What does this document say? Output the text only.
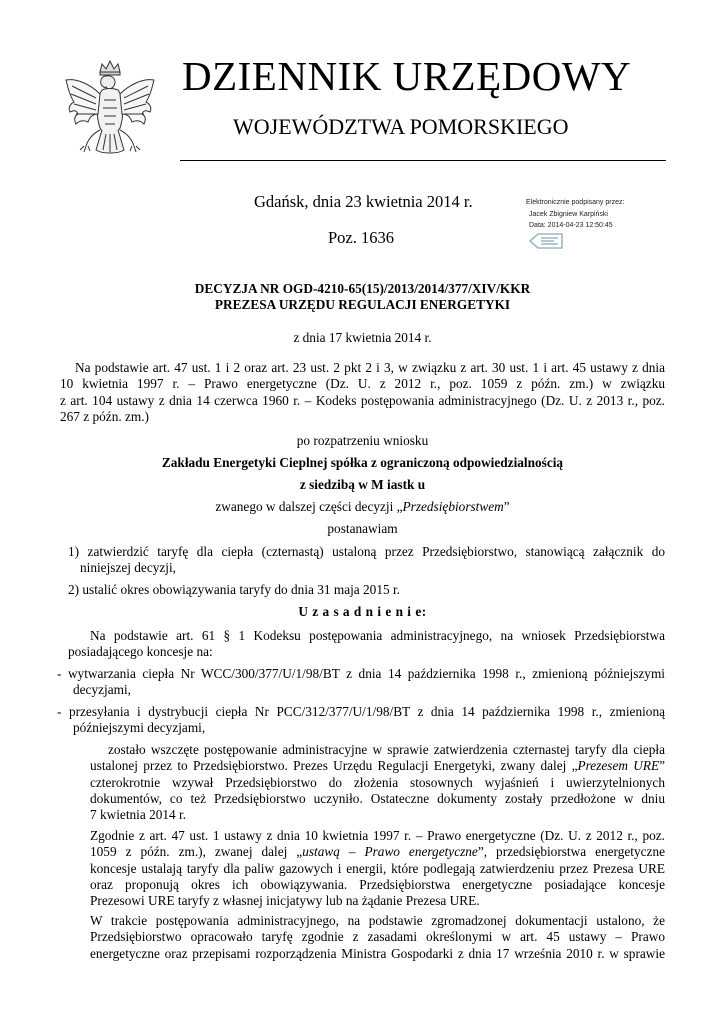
DZIENNIK URZĘDOWY
WOJEWÓDZTWA POMORSKIEGO
Gdańsk, dnia 23 kwietnia 2014 r.
Poz. 1636
Elektronicznie podpisany przez:
Jacek Zbigniew Karpiński
Data: 2014-04-23 12:50:45
DECYZJA NR OGD-4210-65(15)/2013/2014/377/XIV/KKR
PREZESA URZĘDU REGULACJI ENERGETYKI
z dnia 17 kwietnia 2014 r.
Na podstawie art. 47 ust. 1 i 2 oraz art. 23 ust. 2 pkt 2 i 3, w związku z art. 30 ust. 1 i art. 45 ustawy z dnia
10 kwietnia 1997 r. – Prawo energetyczne (Dz. U. z 2012 r., poz. 1059 z późn. zm.) w związku
z art. 104 ustawy z dnia 14 czerwca 1960 r. – Kodeks postępowania administracyjnego (Dz. U. z 2013 r., poz.
267 z późn. zm.)
po rozpatrzeniu wniosku
Zakładu Energetyki Cieplnej spółka z ograniczoną odpowiedzialnością
z siedzibą w M iastk u
zwanego w dalszej części decyzji „Przedsiębiorstwem”
postanawiam
1) zatwierdzić taryfę dla ciepła (czternastą) ustaloną przez Przedsiębiorstwo, stanowiącą załącznik do
niniejszej decyzji,
2) ustalić okres obowiązywania taryfy do dnia 31 maja 2015 r.
U z a s a d n i e n i e:
Na podstawie art. 61 § 1 Kodeksu postępowania administracyjnego, na wniosek Przedsiębiorstwa
posiadającego koncesje na:
- wytwarzania ciepła Nr WCC/300/377/U/1/98/BT z dnia 14 października 1998 r., zmienioną późniejszymi
decyzjami,
- przesyłania i dystrybucji ciepła Nr PCC/312/377/U/1/98/BT z dnia 14 października 1998 r., zmienioną
późniejszymi decyzjami,
zostało wszczęte postępowanie administracyjne w sprawie zatwierdzenia czternastej taryfy dla ciepła
ustalonej przez to Przedsiębiorstwo. Prezes Urzędu Regulacji Energetyki, zwany dalej „Prezesem URE”
czterokrotnie wzywał Przedsiębiorstwo do złożenia stosownych wyjaśnień i uwierzytelnionych
dokumentów, co też Przedsiębiorstwo uczyniło. Ostateczne dokumenty zostały przedłożone w dniu
7 kwietnia 2014 r.
Zgodnie z art. 47 ust. 1 ustawy z dnia 10 kwietnia 1997 r. – Prawo energetyczne (Dz. U. z 2012 r., poz.
1059 z późn. zm.), zwanej dalej „ustawą – Prawo energetyczne”, przedsiębiorstwa energetyczne
koncesje ustalają taryfy dla paliw gazowych i energii, które podlegają zatwierdzeniu przez Prezesa URE
oraz proponują okres ich obowiązywania. Przedsiębiorstwa energetyczne posiadające koncesje
Prezesowi URE taryfy z własnej inicjatywy lub na żądanie Prezesa URE.
W trakcie postępowania administracyjnego, na podstawie zgromadzonej dokumentacji ustalono, że
Przedsiębiorstwo opracowało taryfę zgodnie z zasadami określonymi w art. 45 ustawy – Prawo
energetyczne oraz przepisami rozporządzenia Ministra Gospodarki z dnia 17 września 2010 r. w sprawie
